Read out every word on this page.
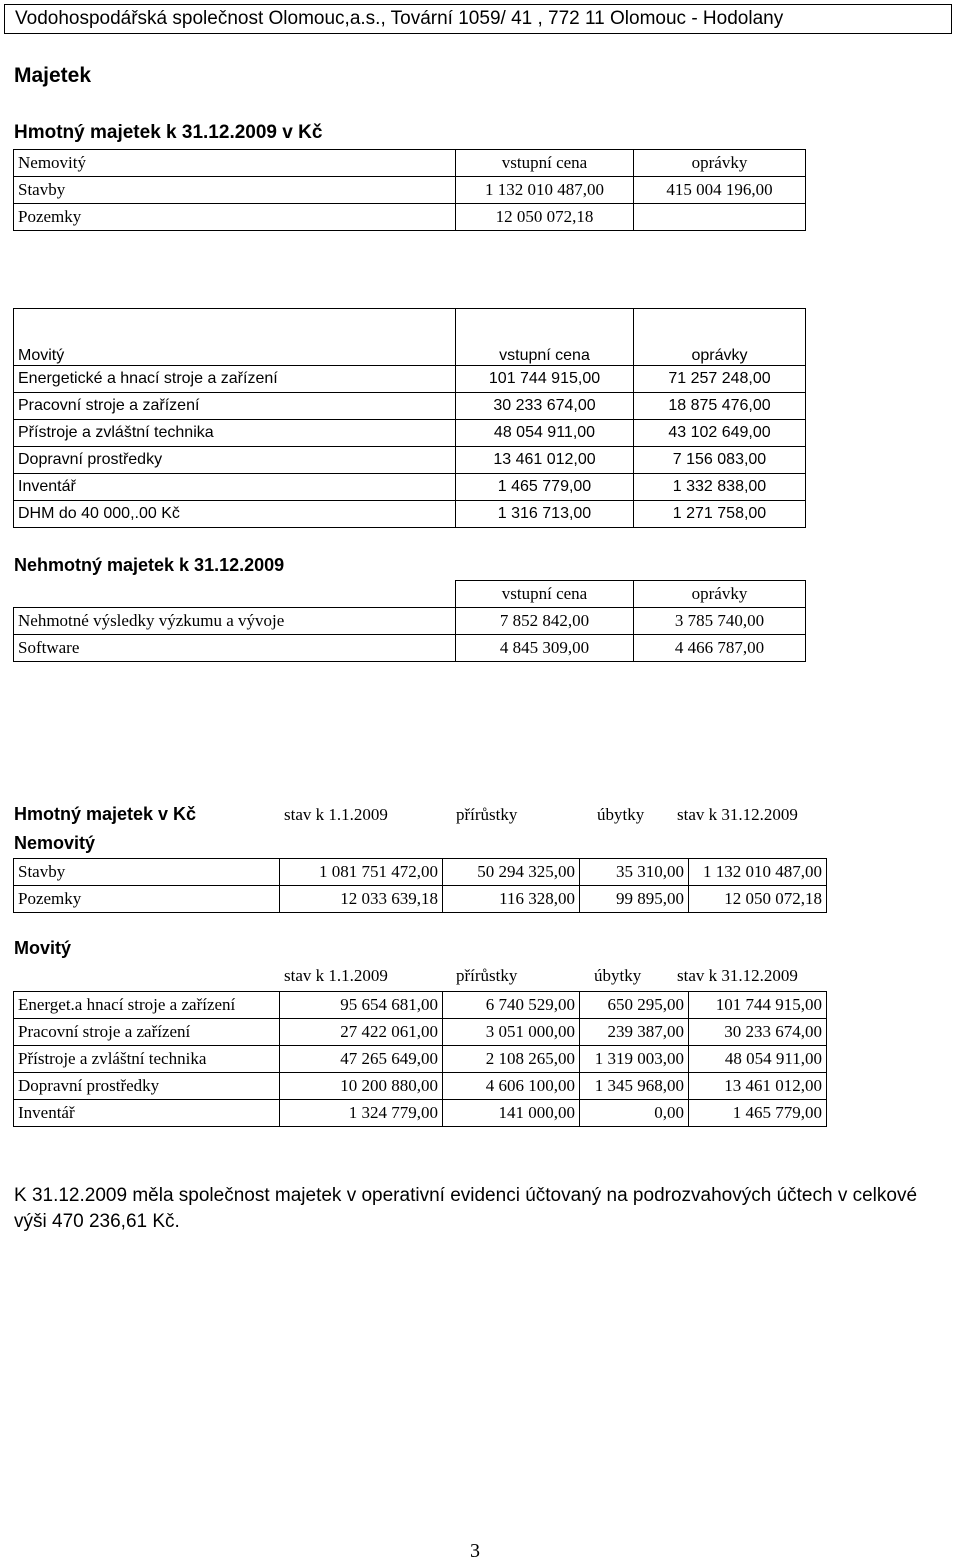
Vodohospodářská společnost Olomouc,a.s., Tovární 1059/ 41 , 772 11 Olomouc - Hodolany
Majetek
Hmotný majetek k 31.12.2009 v Kč
Nemovitý	vstupní cena	oprávky
Stavby	1 132 010 487,00	415 004 196,00
Pozemky	12 050 072,18	
Movitý	vstupní cena	oprávky
Energetické a hnací stroje a zařízení	101 744 915,00	71 257 248,00
Pracovní stroje a zařízení	30 233 674,00	18 875 476,00
Přístroje a zvláštní technika	48 054 911,00	43 102 649,00
Dopravní prostředky	13 461 012,00	7 156 083,00
Inventář	1 465 779,00	1 332 838,00
DHM do 40 000,.00 Kč	1 316 713,00	1 271 758,00
Nehmotný majetek k 31.12.2009
	vstupní cena	oprávky
Nehmotné výsledky výzkumu a vývoje	7 852 842,00	3 785 740,00
Software	4 845 309,00	4 466 787,00
Hmotný majetek v Kč	stav k 1.1.2009	přírůstky	úbytky stav k 31.12.2009
Nemovitý
Stavby	1 081 751 472,00	50 294 325,00	35 310,00	1 132 010 487,00
Pozemky	12 033 639,18	116 328,00	99 895,00	12 050 072,18
Movitý
stav k 1.1.2009	přírůstky	úbytky stav k 31.12.2009
Energet.a hnací stroje a zařízení	95 654 681,00	6 740 529,00	650 295,00	101 744 915,00
Pracovní stroje a zařízení	27 422 061,00	3 051 000,00	239 387,00	30 233 674,00
Přístroje a zvláštní technika	47 265 649,00	2 108 265,00	1 319 003,00	48 054 911,00
Dopravní prostředky	10 200 880,00	4 606 100,00	1 345 968,00	13 461 012,00
Inventář	1 324 779,00	141 000,00	0,00	1 465 779,00
K 31.12.2009 měla společnost majetek v operativní evidenci účtovaný na podrozvahových účtech v celkové výši 470 236,61 Kč.
3
